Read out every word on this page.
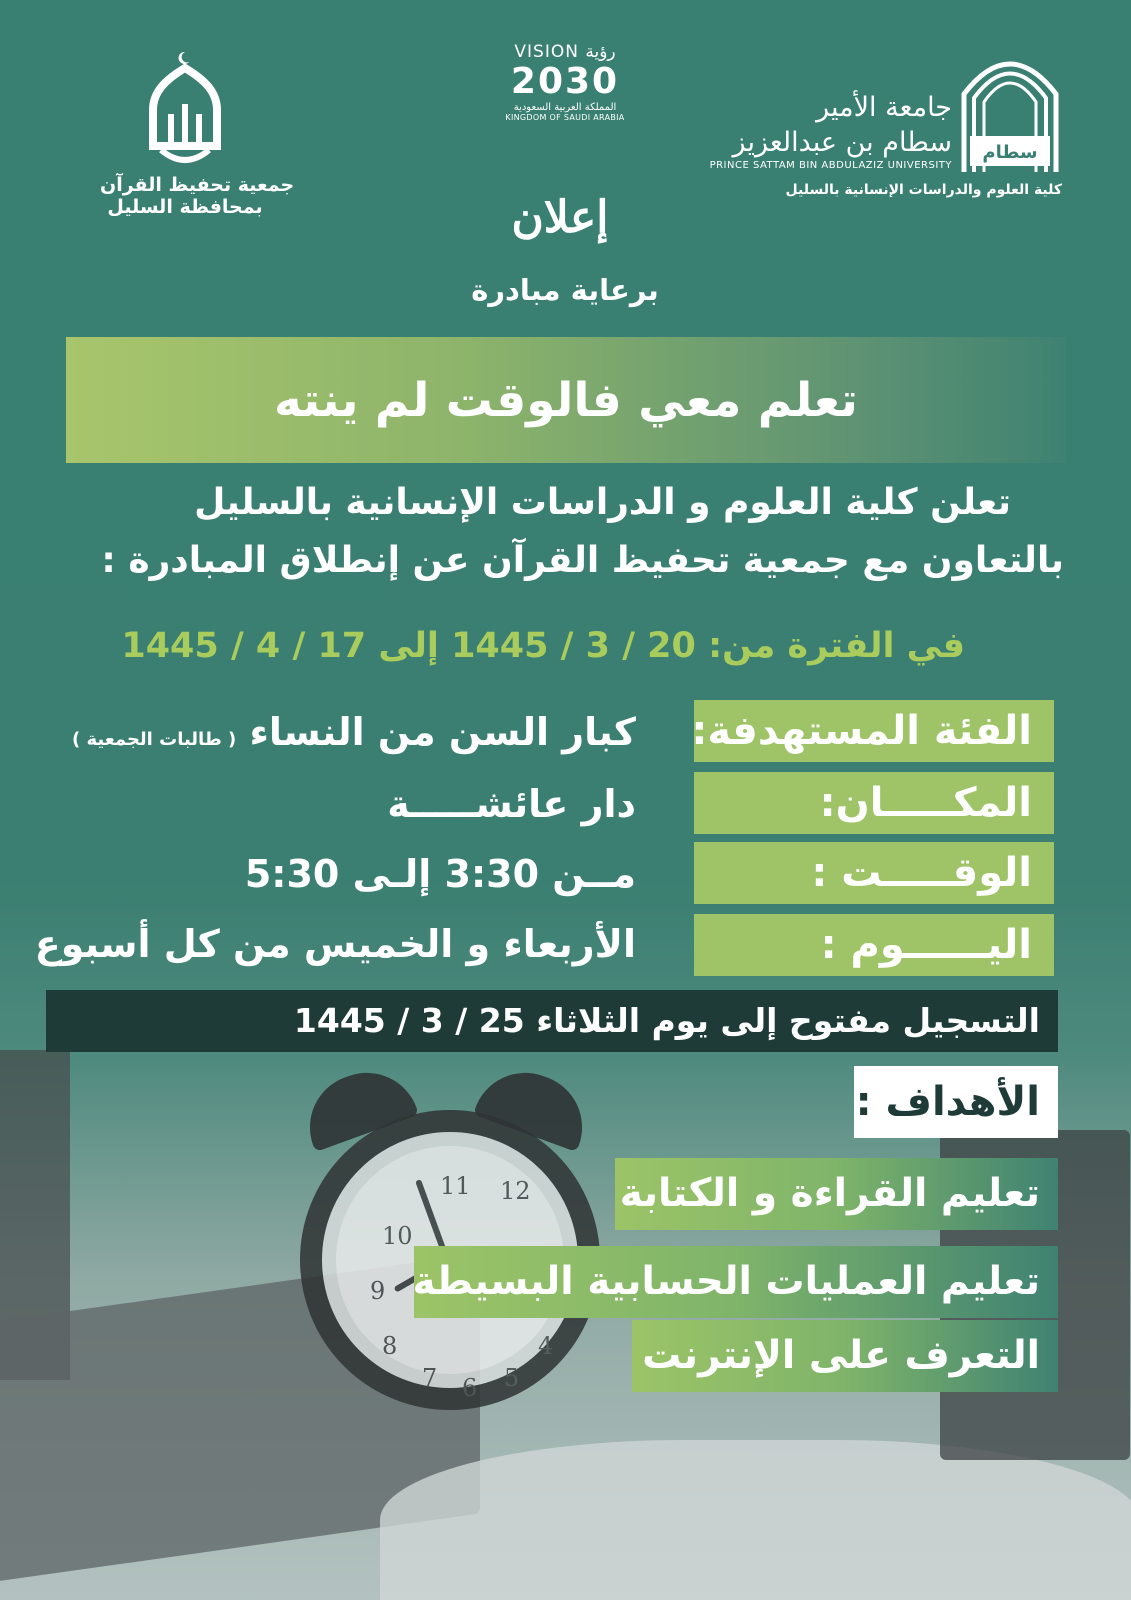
11 12
10
9
8
7 6 5
4
جمعية تحفيظ القرآن
بمحافظة السليل
VISION رؤية
2030
المملكة العربية السعودية
KINGDOM OF SAUDI ARABIA
سطام
جامعة الأمير
سطام بن عبدالعزيز
PRINCE SATTAM BIN ABDULAZIZ UNIVERSITY
كلية العلوم والدراسات الإنسانية بالسليل
إعلان
برعاية مبادرة
تعلم معي فالوقت لم ينته
تعلن كلية العلوم و الدراسات الإنسانية بالسليل
بالتعاون مع جمعية تحفيظ القرآن عن إنطلاق المبادرة :
في الفترة من: 20 / 3 / 1445 إلى 17 / 4 / 1445
الفئة المستهدفة:
كبار السن من النساء ( طالبات الجمعية )
المكـــــان:
دار عائشـــــة
الوقـــــت :
مــن 3:30 إلـى 5:30
اليــــــوم :
الأربعاء و الخميس من كل أسبوع
التسجيل مفتوح إلى يوم الثلاثاء 25 / 3 / 1445
الأهداف :
تعليم القراءة و الكتابة
تعليم العمليات الحسابية البسيطة
التعرف على الإنترنت
